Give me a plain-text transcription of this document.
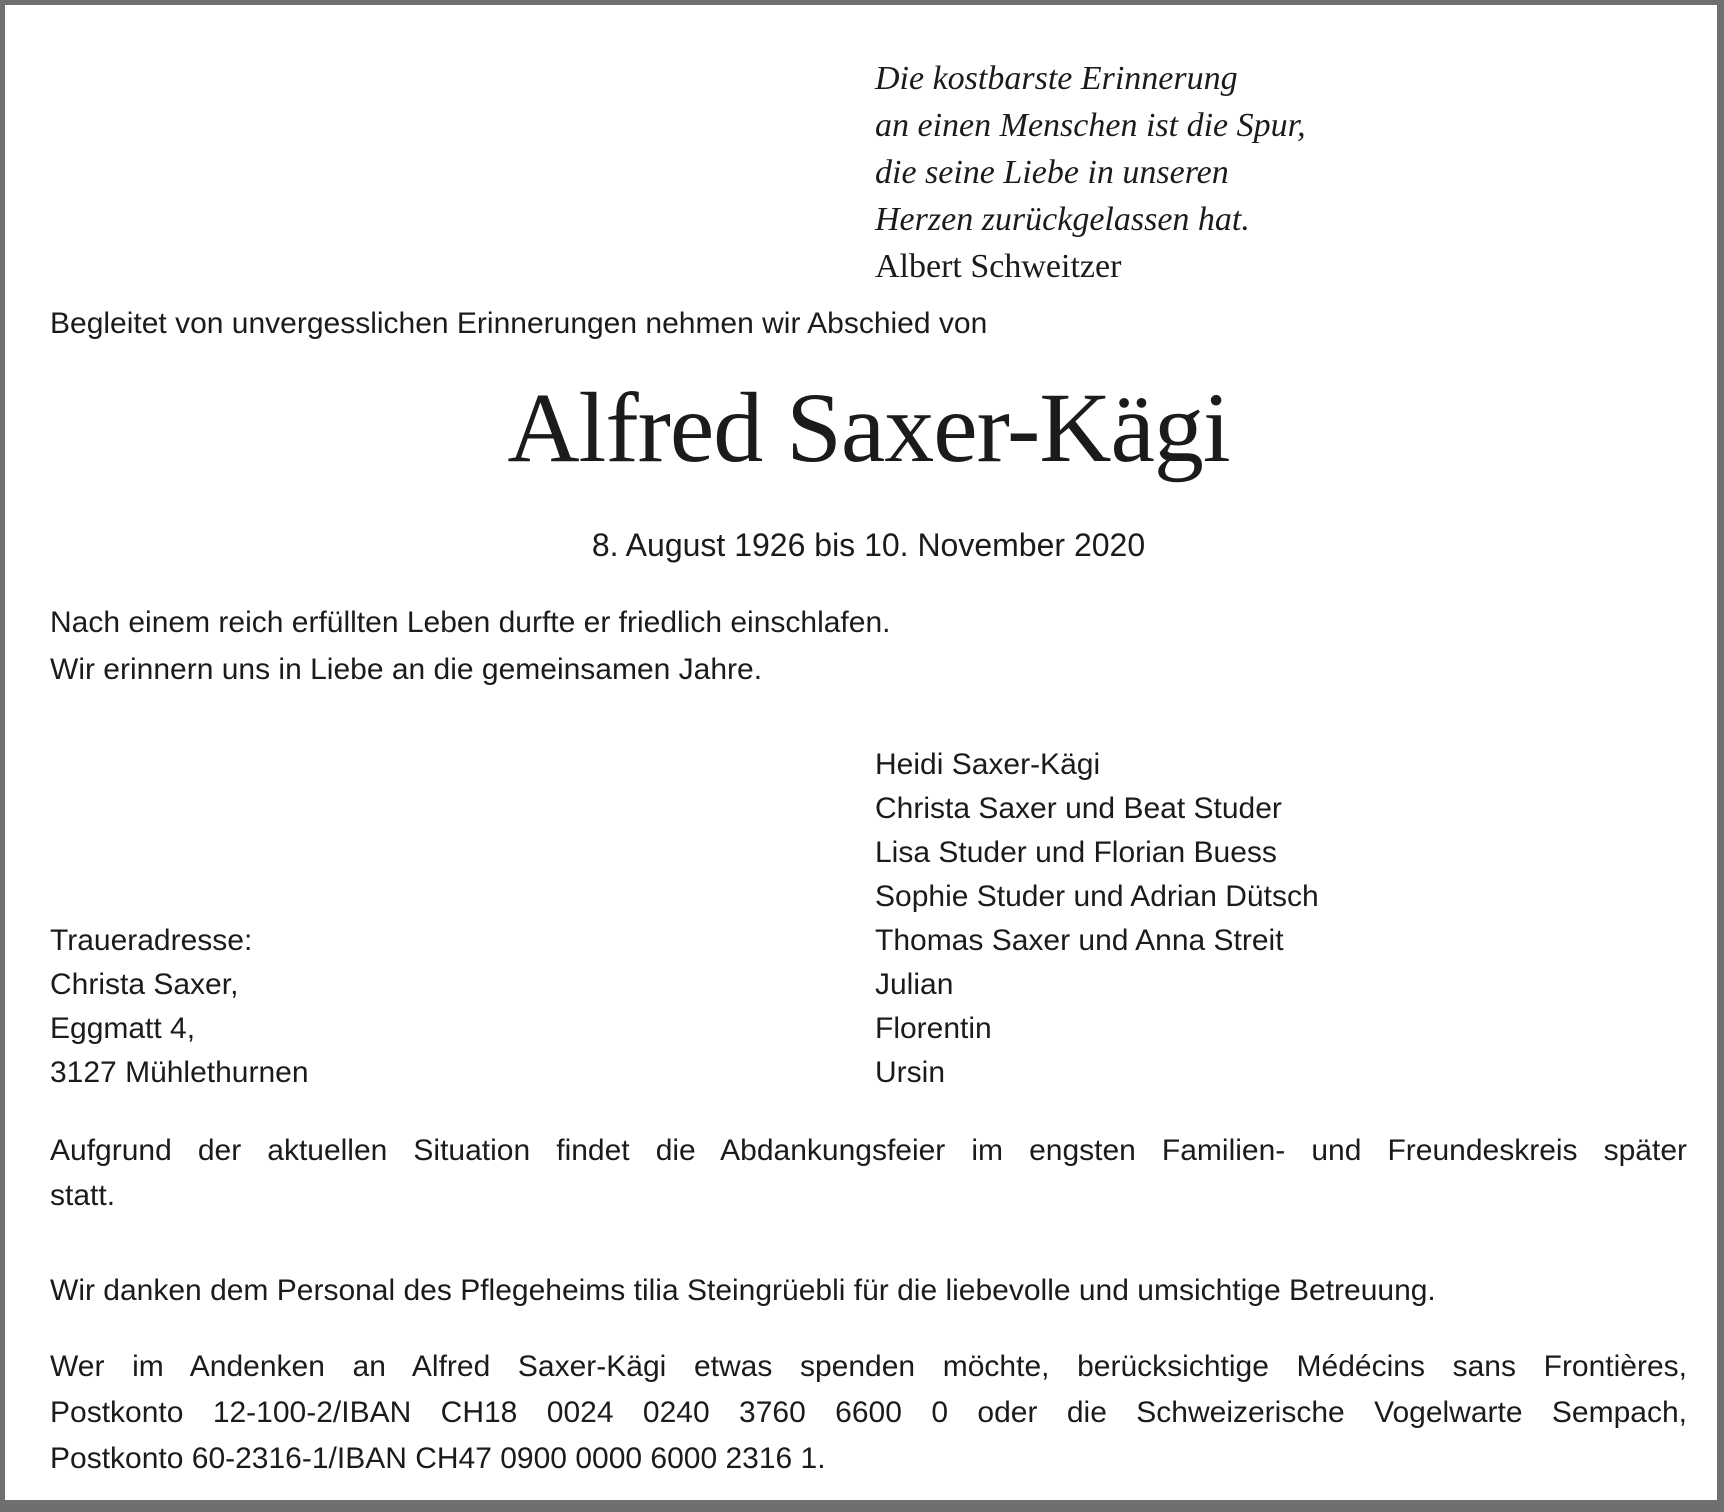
Die kostbarste Erinnerung
an einen Menschen ist die Spur,
die seine Liebe in unseren
Herzen zurückgelassen hat.
Albert Schweitzer

Begleitet von unvergesslichen Erinnerungen nehmen wir Abschied von

Alfred Saxer-Kägi
8. August 1926 bis 10. November 2020
Nach einem reich erfüllten Leben durfte er friedlich einschlafen.
Wir erinnern uns in Liebe an die gemeinsamen Jahre.
Traueradresse:
Christa Saxer,
Eggmatt 4,
3127 Mühlethurnen
Heidi Saxer-Kägi
Christa Saxer und Beat Studer
Lisa Studer und Florian Buess
Sophie Studer und Adrian Dütsch
Thomas Saxer und Anna Streit
Julian
Florentin
Ursin
Aufgrund der aktuellen Situation findet die Abdankungsfeier im engsten Familien- und Freundeskreis später
statt.

Wir danken dem Personal des Pflegeheims tilia Steingrüebli für die liebevolle und umsichtige Betreuung.

Wer im Andenken an Alfred Saxer-Kägi etwas spenden möchte, berücksichtige Médécins sans Frontières,
Postkonto 12-100-2/IBAN CH18 0024 0240 3760 6600 0 oder die Schweizerische Vogelwarte Sempach,
Postkonto 60-2316-1/IBAN CH47 0900 0000 6000 2316 1.
